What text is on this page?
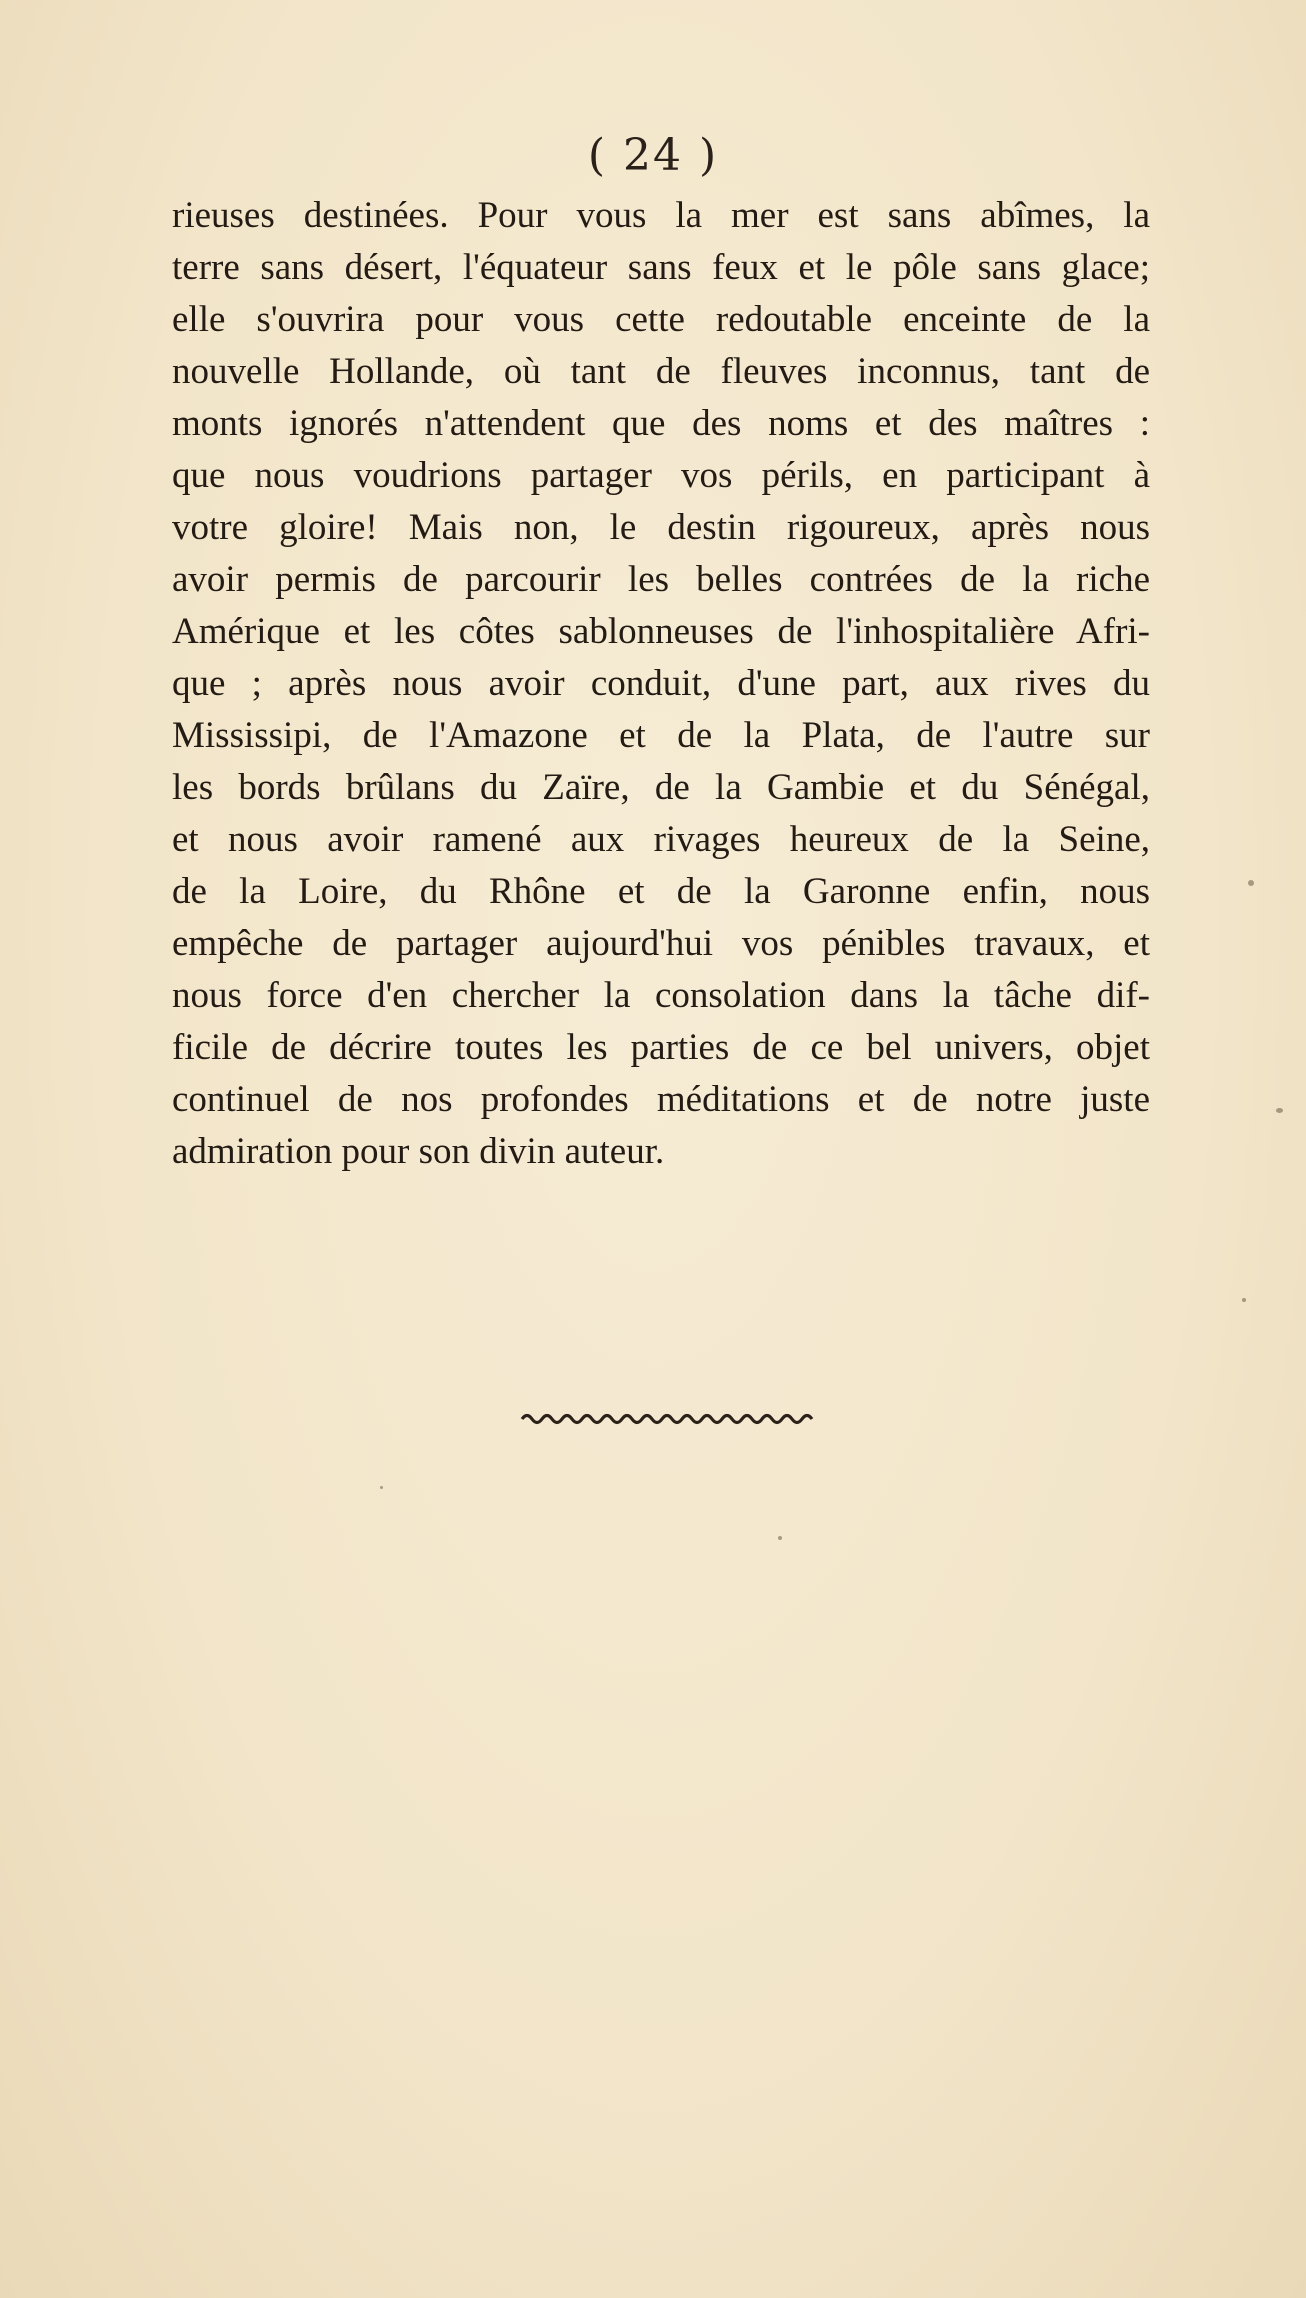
( 24 )

rieuses destinées. Pour vous la mer est sans abîmes, la
terre sans désert, l'équateur sans feux et le pôle sans glace;
elle s'ouvrira pour vous cette redoutable enceinte de la
nouvelle Hollande, où tant de fleuves inconnus, tant de
monts ignorés n'attendent que des noms et des maîtres :
que nous voudrions partager vos périls, en participant à
votre gloire! Mais non, le destin rigoureux, après nous
avoir permis de parcourir les belles contrées de la riche
Amérique et les côtes sablonneuses de l'inhospitalière Afri-
que ; après nous avoir conduit, d'une part, aux rives du
Mississipi, de l'Amazone et de la Plata, de l'autre sur
les bords brûlans du Zaïre, de la Gambie et du Sénégal,
et nous avoir ramené aux rivages heureux de la Seine,
de la Loire, du Rhône et de la Garonne enfin, nous
empêche de partager aujourd'hui vos pénibles travaux, et
nous force d'en chercher la consolation dans la tâche dif-
ficile de décrire toutes les parties de ce bel univers, objet
continuel de nos profondes méditations et de notre juste
admiration pour son divin auteur.
